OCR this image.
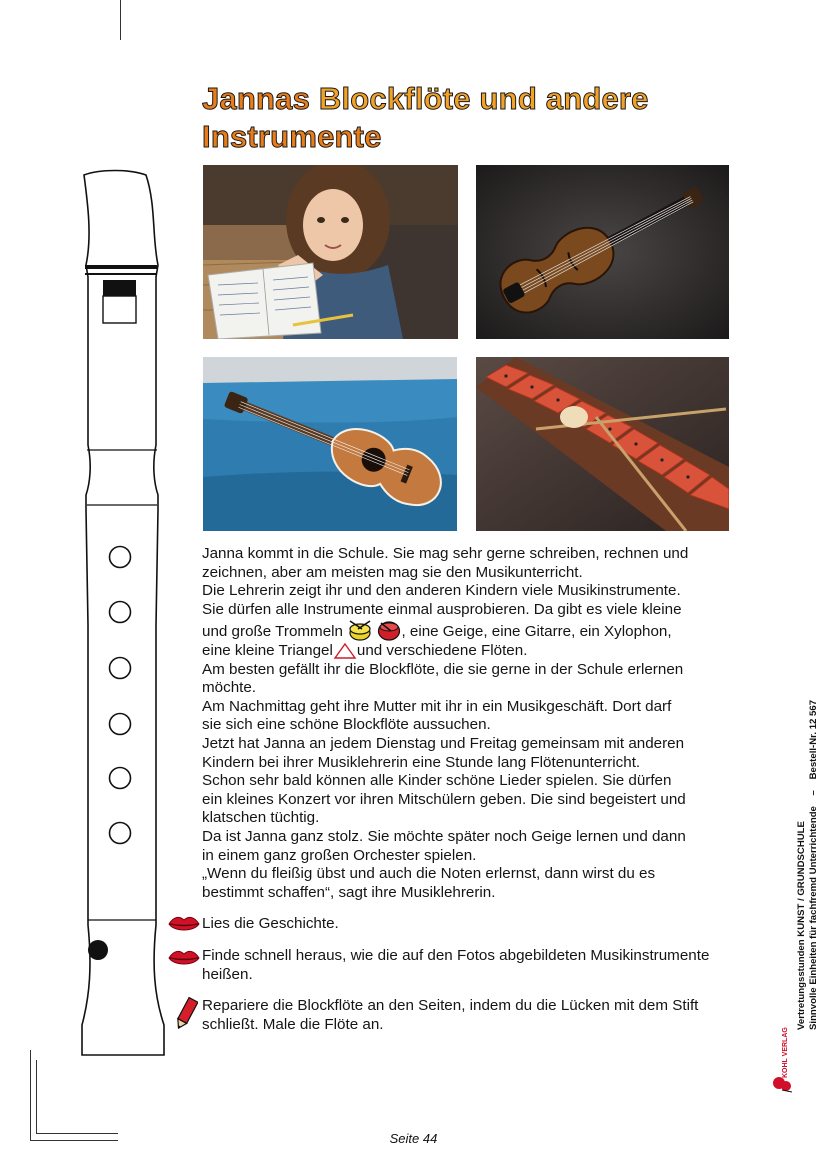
Jannas Blockflöte und andere
Instrumente

Janna kommt in die Schule. Sie mag sehr gerne schreiben, rechnen und

zeichnen, aber am meisten mag sie den Musikunterricht.

Die Lehrerin zeigt ihr und den anderen Kindern viele Musikinstrumente.

Sie dürfen alle Instrumente einmal ausprobieren. Da gibt es viele kleine

und große Trommeln	, eine Geige, eine Gitarre, ein Xylophon,

eine kleine Triangel und verschiedene Flöten.

Am besten gefällt ihr die Blockflöte, die sie gerne in der Schule erlernen

möchte.

Am Nachmittag geht ihre Mutter mit ihr in ein Musikgeschäft. Dort darf

sie sich eine schöne Blockflöte aussuchen.

Jetzt hat Janna an jedem Dienstag und Freitag gemeinsam mit anderen

Kindern bei ihrer Musiklehrerin eine Stunde lang Flötenunterricht.

Schon sehr bald können alle Kinder schöne Lieder spielen. Sie dürfen

ein kleines Konzert vor ihren Mitschülern geben. Die sind begeistert und

klatschen tüchtig.

Da ist Janna ganz stolz. Sie möchte später noch Geige lernen und dann

in einem ganz großen Orchester spielen.

„Wenn du fleißig übst und auch die Noten erlernst, dann wirst du es

bestimmt schaffen“, sagt ihre Musiklehrerin.

Lies die Geschichte.
Finde schnell heraus, wie die auf den Fotos abgebildeten Musikinstrumente
heißen.
Repariere die Blockflöte an den Seiten, indem du die Lücken mit dem Stift
schließt. Male die Flöte an.	Vertretungsstunden KUNST / GRUNDSCHULE Sinnvolle Einheiten für fachfremd Unterrichtende    –    Bestell-Nr. 12 567
KOHL VERLAG
Seite 44
